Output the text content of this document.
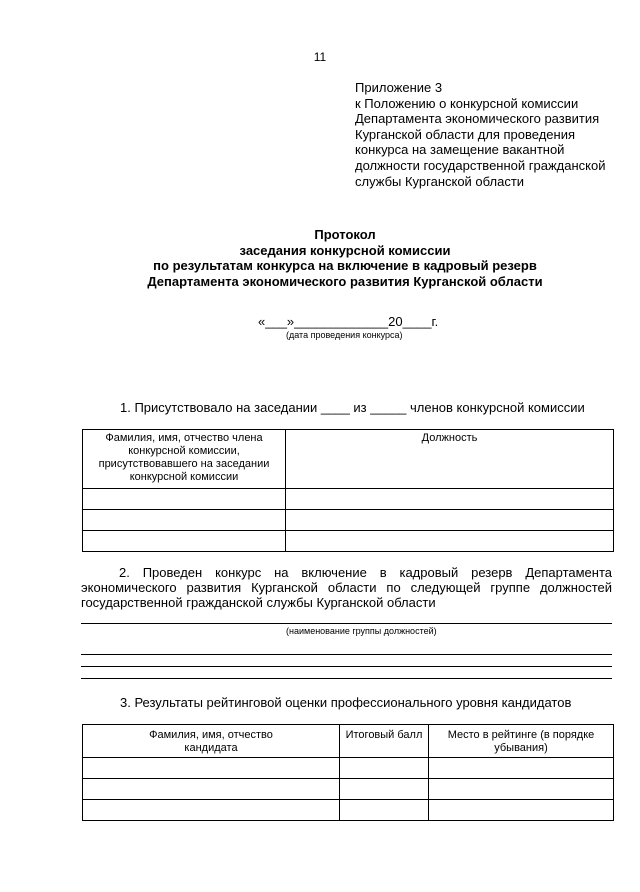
11
Приложение 3
к Положению о конкурсной комиссии
Департамента экономического развития
Курганской области для проведения
конкурса на замещение вакантной
должности государственной гражданской
службы Курганской области
Протокол
заседания конкурсной комиссии
по результатам конкурса на включение в кадровый резерв
Департамента экономического развития Курганской области
«___»_____________20____г.
(дата проведения конкурса)
1. Присутствовало на заседании ____ из _____ членов конкурсной комиссии
Фамилия, имя, отчество члена конкурсной комиссии, присутствовавшего на заседании конкурсной комиссии	Должность

2. Проведен конкурс на включение в кадровый резерв Департамента
экономического развития Курганской области по следующей группе должностей государственной гражданской службы Курганской области
(наименование группы должностей)
3. Результаты рейтинговой оценки профессионального уровня кандидатов
Фамилия, имя, отчество кандидата	Итоговый балл	Место в рейтинге (в порядке убывания)
